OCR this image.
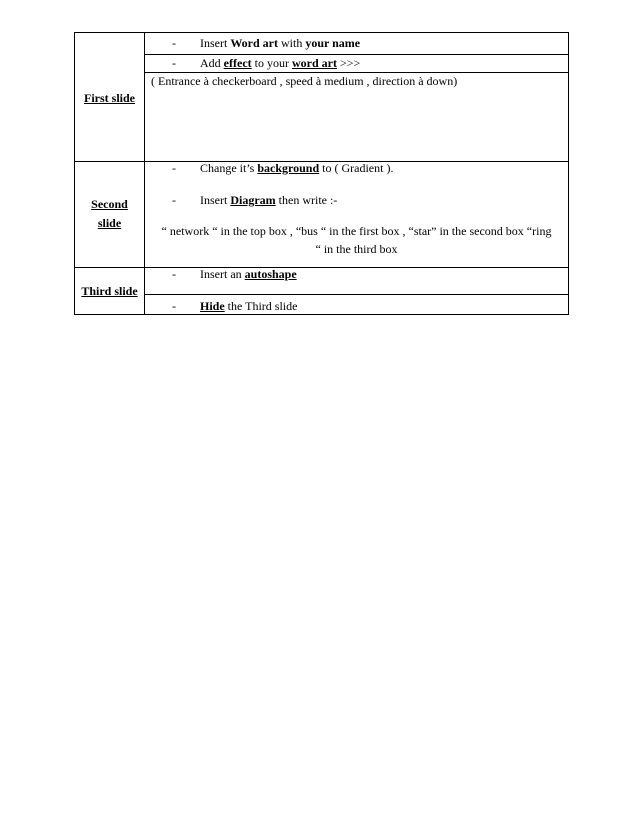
First slide
- Insert Word art with your name
- Add effect to your word art >>>
( Entrance à checkerboard , speed à medium , direction à down)
Second
slide
- Change it’s background to ( Gradient ).
- Insert Diagram then write :-
“ network “ in the top box , “bus “ in the first box , “star” in the second box “ring
“ in the third box
Third slide
- Insert an autoshape
- Hide the Third slide
